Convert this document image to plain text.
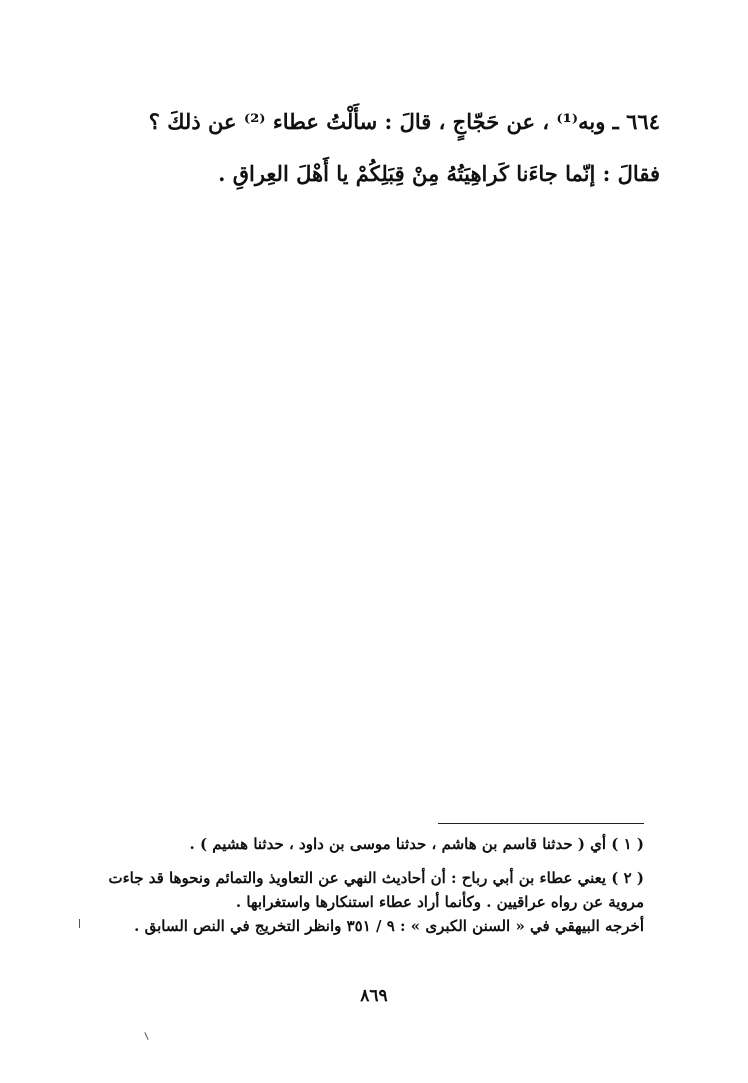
٦٦٤ ـ وبه⁽¹⁾ ، عن حَجّاجٍ ، قالَ : سأَلْتُ عطاء ⁽²⁾ عن ذلكَ ؟
فقالَ : إنّما جاءَنا كَراهِيَتُهُ مِنْ قِبَلِكُمْ يا أَهْلَ العِراقِ .
( ١ ) أي ( حدثنا قاسم بن هاشم ، حدثنا موسى بن داود ، حدثنا هشيم ) .
( ٢ ) يعني عطاء بن أبي رباح : أن أحاديث النهي عن التعاويذ والتمائم ونحوها قد جاءت
مروية عن رواه عراقيين . وكأنما أراد عطاء استنكارها واستغرابها .
أخرجه البيهقي في « السنن الكبرى » : ٩ / ٣٥١ وانظر التخريج في النص السابق .
٨٦٩
